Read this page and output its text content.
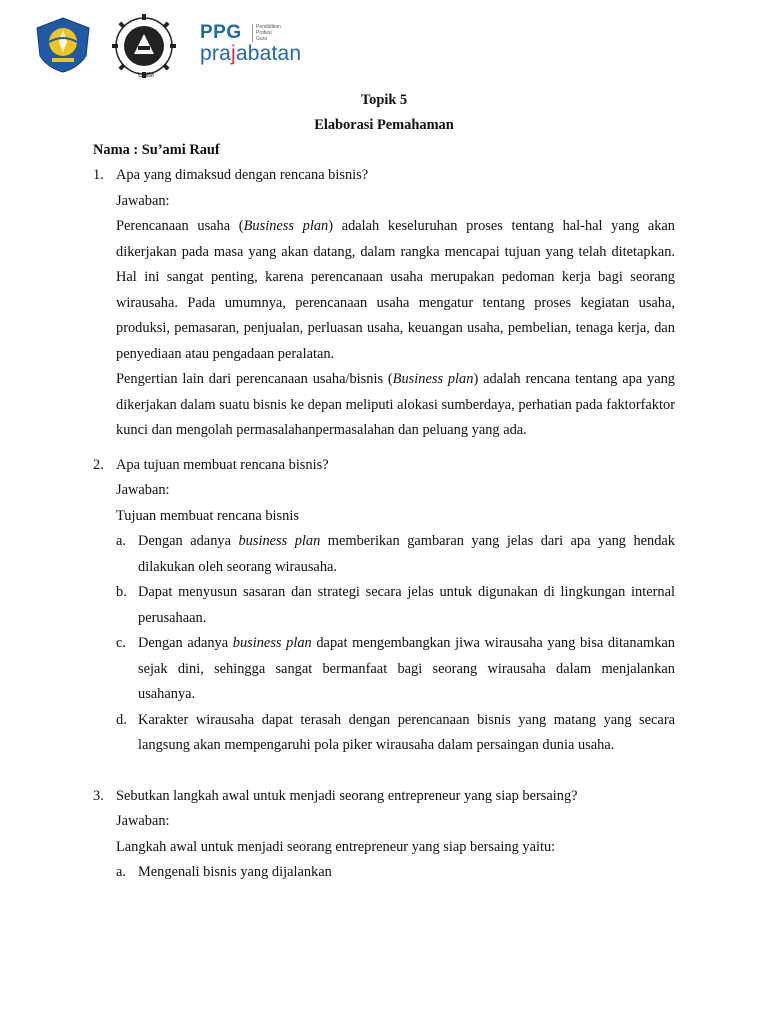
UNM
PPG	Pendidikan
Profesi
Guru
prajabatan

Topik 5

Elaborasi Pemahaman

Nama : Su’ami Rauf

1. Apa yang dimaksud dengan rencana bisnis?

Jawaban:

Perencanaan usaha (Business plan) adalah keseluruhan proses tentang hal-hal yang akan dikerjakan pada masa yang akan datang, dalam rangka mencapai tujuan yang telah ditetapkan. Hal ini sangat penting, karena perencanaan usaha merupakan pedoman kerja bagi seorang wirausaha. Pada umumnya, perencanaan usaha mengatur tentang proses kegiatan usaha, produksi, pemasaran, penjualan, perluasan usaha, keuangan usaha, pembelian, tenaga kerja, dan penyediaan atau pengadaan peralatan.

Pengertian lain dari perencanaan usaha/bisnis (Business plan) adalah rencana tentang apa yang dikerjakan dalam suatu bisnis ke depan meliputi alokasi sumberdaya, perhatian pada faktorfaktor kunci dan mengolah permasalahanpermasalahan dan peluang yang ada.

2. Apa tujuan membuat rencana bisnis?

Jawaban:

Tujuan membuat rencana bisnis

a. Dengan adanya business plan memberikan gambaran yang jelas dari apa yang hendak dilakukan oleh seorang wirausaha.
b. Dapat menyusun sasaran dan strategi secara jelas untuk digunakan di lingkungan internal perusahaan.
c. Dengan adanya business plan dapat mengembangkan jiwa wirausaha yang bisa ditanamkan sejak dini, sehingga sangat bermanfaat bagi seorang wirausaha dalam menjalankan usahanya.
d. Karakter wirausaha dapat terasah dengan perencanaan bisnis yang matang yang secara langsung akan mempengaruhi pola piker wirausaha dalam persaingan dunia usaha.
3. Sebutkan langkah awal untuk menjadi seorang entrepreneur yang siap bersaing?

Jawaban:

Langkah awal untuk menjadi seorang entrepreneur yang siap bersaing yaitu:

a. Mengenali bisnis yang dijalankan
